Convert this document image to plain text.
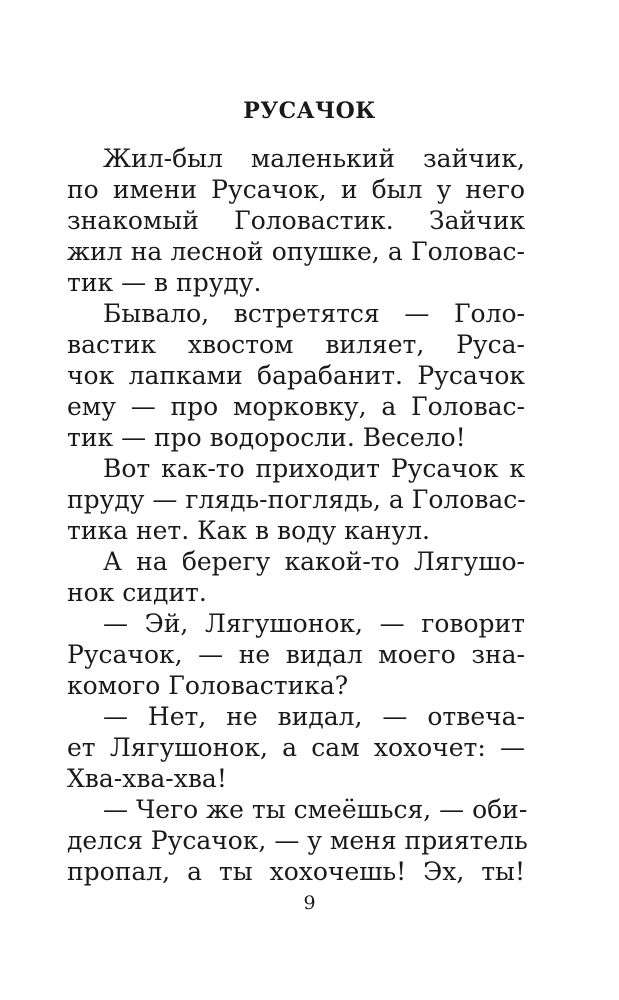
РУСАЧОК
Жил-был маленький зайчик,
по имени Русачок, и был у него
знакомый Головастик. Зайчик
жил на лесной опушке, а Головас-
тик — в пруду.
Бывало, встретятся — Голо-
вастик хвостом виляет, Руса-
чок лапками барабанит. Русачок
ему — про морковку, а Головас-
тик — про водоросли. Весело!
Вот как-то приходит Русачок к
пруду — глядь-поглядь, а Головас-
тика нет. Как в воду канул.
А на берегу какой-то Лягушо-
нок сидит.
— Эй, Лягушонок, — говорит
Русачок, — не видал моего зна-
комого Головастика?
— Нет, не видал, — отвеча-
ет Лягушонок, а сам хохочет: —
Хва-хва-хва!
— Чего же ты смеёшься, — оби-
делся Русачок, — у меня приятель
пропал, а ты хохочешь! Эх, ты!
9
